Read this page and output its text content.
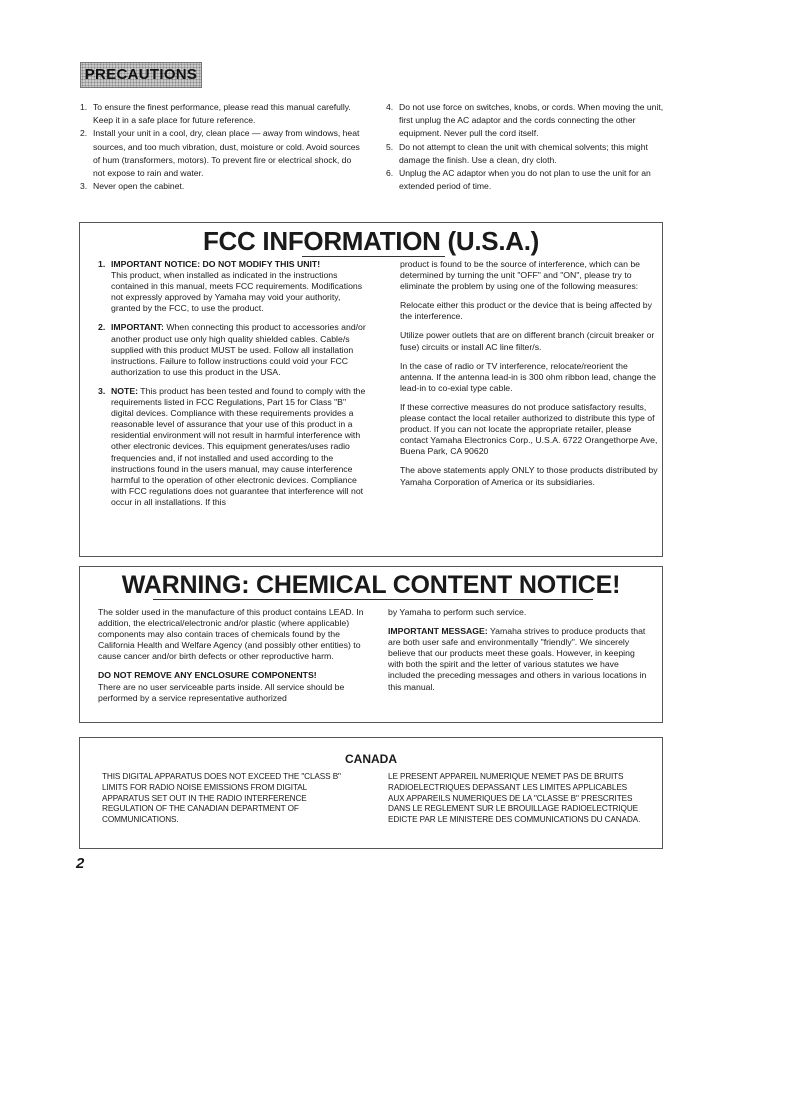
PRECAUTIONS
1. To ensure the finest performance, please read this manual carefully. Keep it in a safe place for future reference.
2. Install your unit in a cool, dry, clean place — away from windows, heat sources, and too much vibration, dust, moisture or cold. Avoid sources of hum (transformers, motors). To prevent fire or electrical shock, do not expose to rain and water.
3. Never open the cabinet.
4. Do not use force on switches, knobs, or cords. When moving the unit, first unplug the AC adaptor and the cords connecting the other equipment. Never pull the cord itself.
5. Do not attempt to clean the unit with chemical solvents; this might damage the finish. Use a clean, dry cloth.
6. Unplug the AC adaptor when you do not plan to use the unit for an extended period of time.
FCC INFORMATION (U.S.A.)
1. IMPORTANT NOTICE: DO NOT MODIFY THIS UNIT!
This product, when installed as indicated in the instructions contained in this manual, meets FCC requirements. Modifications not expressly approved by Yamaha may void your authority, granted by the FCC, to use the product.
2. IMPORTANT: When connecting this product to accessories and/or another product use only high quality shielded cables. Cable/s supplied with this product MUST be used. Follow all installation instructions. Failure to follow instructions could void your FCC authorization to use this product in the USA.
3. NOTE: This product has been tested and found to comply with the requirements listed in FCC Regulations, Part 15 for Class "B" digital devices. Compliance with these requirements provides a reasonable level of assurance that your use of this product in a residential environment will not result in harmful interference with other electronic devices. This equipment generates/uses radio frequencies and, if not installed and used according to the instructions found in the users manual, may cause interference harmful to the operation of other electronic devices. Compliance with FCC regulations does not guarantee that interference will not occur in all installations. If this

product is found to be the source of interference, which can be determined by turning the unit "OFF" and "ON", please try to eliminate the problem by using one of the following measures:

Relocate either this product or the device that is being affected by the interference.

Utilize power outlets that are on different branch (circuit breaker or fuse) circuits or install AC line filter/s.

In the case of radio or TV interference, relocate/reorient the antenna. If the antenna lead-in is 300 ohm ribbon lead, change the lead-in to co-exial type cable.

If these corrective measures do not produce satisfactory results, please contact the local retailer authorized to distribute this type of product. If you can not locate the appropriate retailer, please contact Yamaha Electronics Corp., U.S.A. 6722 Orangethorpe Ave, Buena Park, CA 90620

The above statements apply ONLY to those products distributed by Yamaha Corporation of America or its subsidiaries.

WARNING: CHEMICAL CONTENT NOTICE!

The solder used in the manufacture of this product contains LEAD. In addition, the electrical/electronic and/or plastic (where applicable) components may also contain traces of chemicals found by the California Health and Welfare Agency (and possibly other entities) to cause cancer and/or birth defects or other reproductive harm.

DO NOT REMOVE ANY ENCLOSURE COMPONENTS!
There are no user serviceable parts inside. All service should be performed by a service representative authorized

by Yamaha to perform such service.

IMPORTANT MESSAGE: Yamaha strives to produce products that are both user safe and environmentally "friendly". We sincerely believe that our products meet these goals. However, in keeping with both the spirit and the letter of various statutes we have included the preceding messages and others in various locations in this manual.
CANADA
THIS DIGITAL APPARATUS DOES NOT EXCEED THE "CLASS B" LIMITS FOR RADIO NOISE EMISSIONS FROM DIGITAL APPARATUS SET OUT IN THE RADIO INTERFERENCE REGULATION OF THE CANADIAN DEPARTMENT OF COMMUNICATIONS.
LE PRESENT APPAREIL NUMERIQUE N'EMET PAS DE BRUITS RADIOELECTRIQUES DEPASSANT LES LIMITES APPLICABLES AUX APPAREILS NUMERIQUES DE LA "CLASSE B" PRESCRITES DANS LE REGLEMENT SUR LE BROUILLAGE RADIOELECTRIQUE EDICTE PAR LE MINISTERE DES COMMUNICATIONS DU CANADA.
2
